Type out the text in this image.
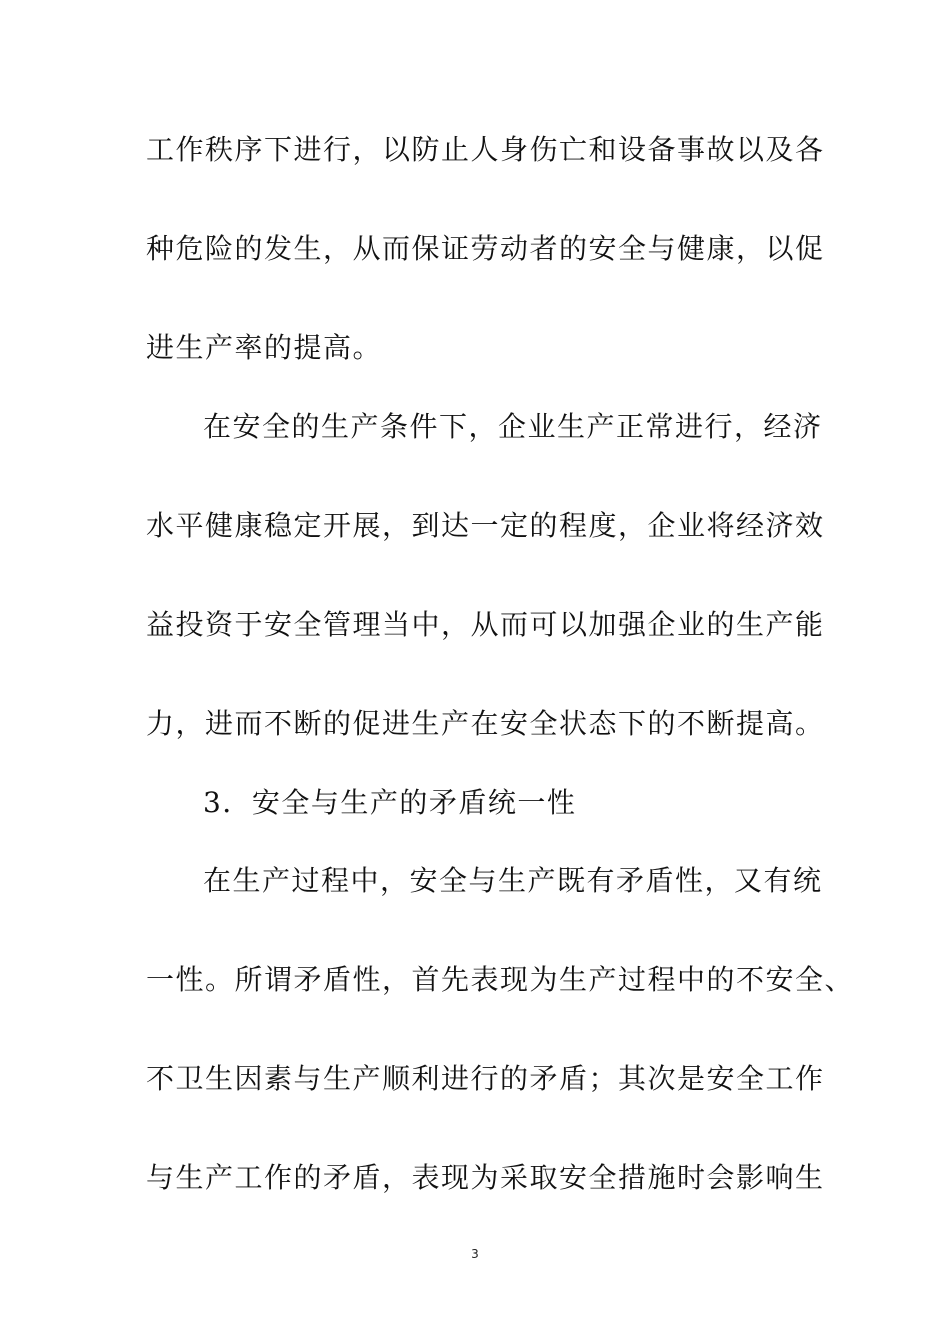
工作秩序下进行，以防止人身伤亡和设备事故以及各
种危险的发生，从而保证劳动者的安全与健康，以促
进生产率的提高。
在安全的生产条件下，企业生产正常进行，经济
水平健康稳定开展，到达一定的程度，企业将经济效
益投资于安全管理当中，从而可以加强企业的生产能
力，进而不断的促进生产在安全状态下的不断提高。
3．安全与生产的矛盾统一性
在生产过程中，安全与生产既有矛盾性，又有统
一性。所谓矛盾性，首先表现为生产过程中的不安全、
不卫生因素与生产顺利进行的矛盾；其次是安全工作
与生产工作的矛盾，表现为采取安全措施时会影响生
3
